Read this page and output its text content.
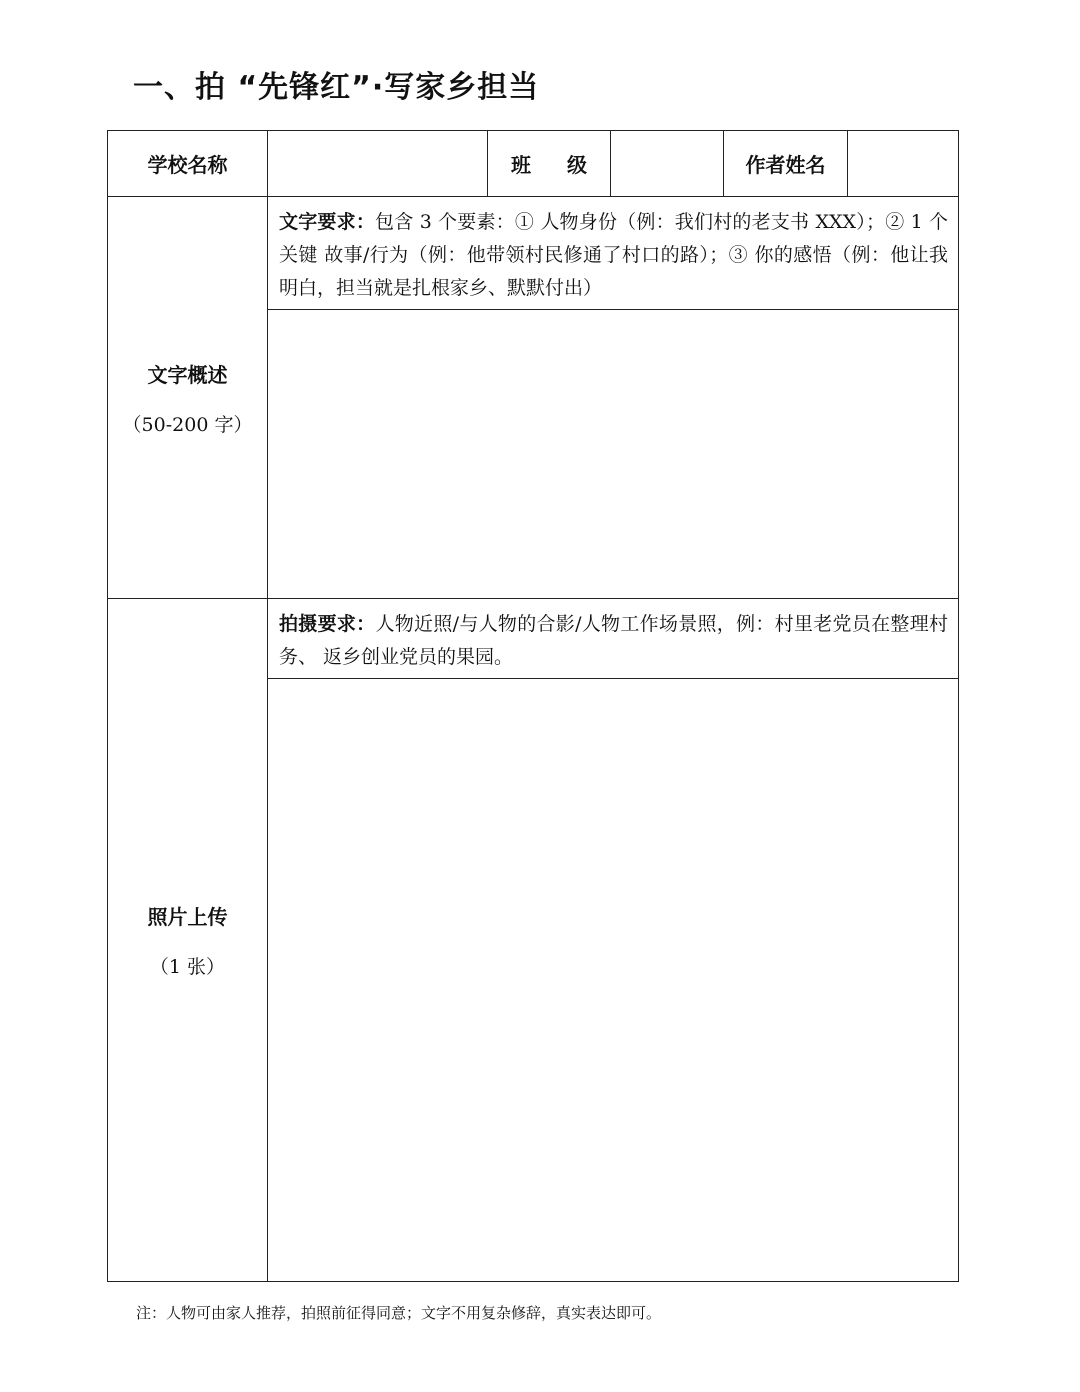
一、拍 “先锋红”·写家乡担当
学校名称		班 级		作者姓名	

文字概述
（50-200 字）	文字要求：包含 3 个要素：① 人物身份（例：我们村的老支书 XXX）；② 1 个关键 故事/行为（例：他带领村民修通了村口的路）；③ 你的感悟（例：他让我明白，担当就是扎根家乡、默默付出）				

照片上传
（1 张）	拍摄要求：人物近照/与人物的合影/人物工作场景照，例：村里老党员在整理村务、 返乡创业党员的果园。				

注：人物可由家人推荐，拍照前征得同意；文字不用复杂修辞，真实表达即可。
